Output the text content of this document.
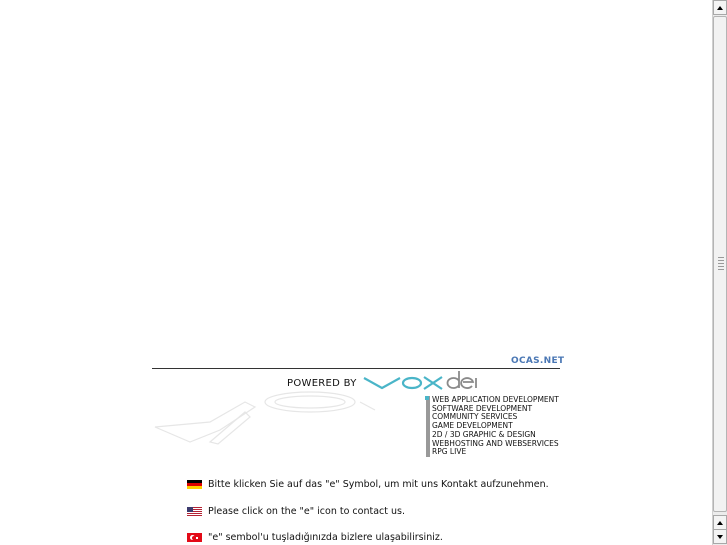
OCAS.NET
POWERED BY
WEB APPLICATION DEVELOPMENT
SOFTWARE DEVELOPMENT
COMMUNITY SERVICES
GAME DEVELOPMENT
2D / 3D GRAPHIC & DESIGN
WEBHOSTING AND WEBSERVICES
RPG LIVE
Bitte klicken Sie auf das "e" Symbol, um mit uns Kontakt aufzunehmen.
Please click on the "e" icon to contact us.
"e" sembol'u tuşladığınızda bizlere ulaşabilirsiniz.
